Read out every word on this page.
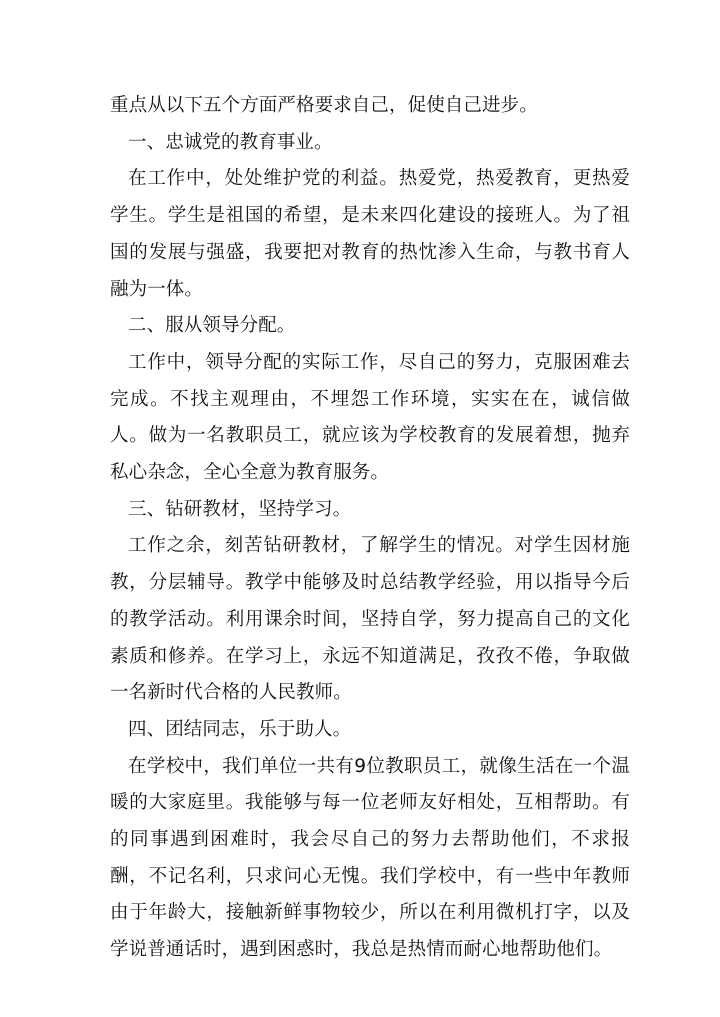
重点从以下五个方面严格要求自己，促使自己进步。

一、忠诚党的教育事业。

在工作中，处处维护党的利益。热爱党，热爱教育，更热爱学生。学生是祖国的希望，是未来四化建设的接班人。为了祖国的发展与强盛，我要把对教育的热忱渗入生命，与教书育人融为一体。

二、服从领导分配。

工作中，领导分配的实际工作，尽自己的努力，克服困难去完成。不找主观理由，不埋怨工作环境，实实在在，诚信做人。做为一名教职员工，就应该为学校教育的发展着想，抛弃私心杂念，全心全意为教育服务。

三、钻研教材，坚持学习。

工作之余，刻苦钻研教材，了解学生的情况。对学生因材施教，分层辅导。教学中能够及时总结教学经验，用以指导今后的教学活动。利用课余时间，坚持自学，努力提高自己的文化素质和修养。在学习上，永远不知道满足，孜孜不倦，争取做一名新时代合格的人民教师。

四、团结同志，乐于助人。

在学校中，我们单位一共有9位教职员工，就像生活在一个温暖的大家庭里。我能够与每一位老师友好相处，互相帮助。有的同事遇到困难时，我会尽自己的努力去帮助他们，不求报酬，不记名利，只求问心无愧。我们学校中，有一些中年教师由于年龄大，接触新鲜事物较少，所以在利用微机打字，以及学说普通话时，遇到困惑时，我总是热情而耐心地帮助他们。
